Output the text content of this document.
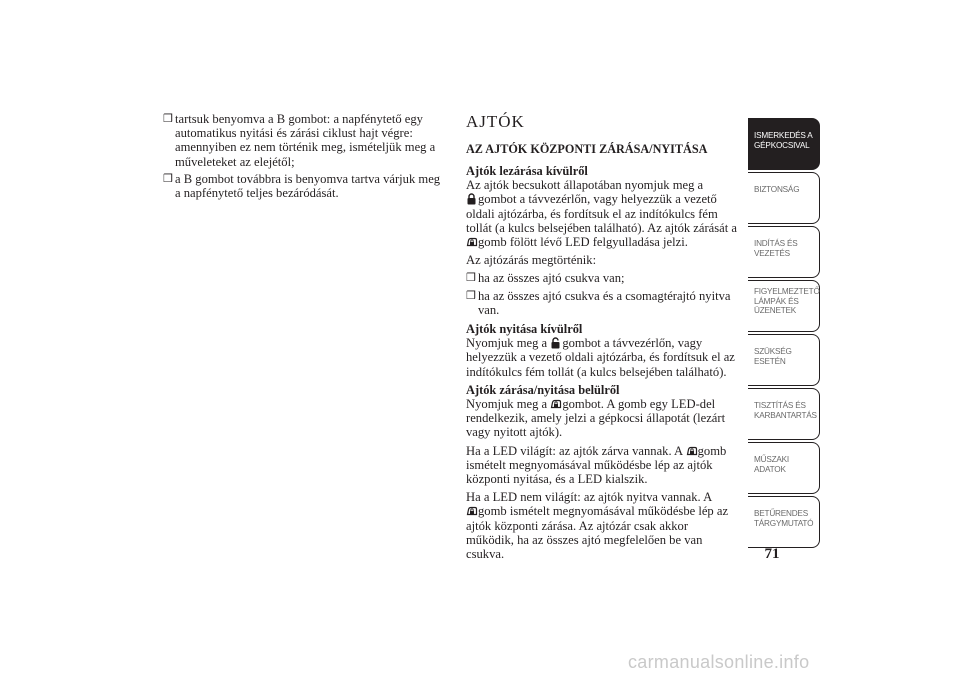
❒ tartsuk benyomva a B gombot: a napfénytető egy automatikus nyitási és zárási ciklust hajt végre: amennyiben ez nem történik meg, ismételjük meg a műveleteket az elejétől;
❒ a B gombot továbbra is benyomva tartva várjuk meg a napfénytető teljes bezáródását.
AJTÓK
AZ AJTÓK KÖZPONTI ZÁRÁSA/NYITÁSA
Ajtók lezárása kívülről

Az ajtók becsukott állapotában nyomjuk meg a

gombot a távvezérlőn, vagy helyezzük a vezető oldali ajtózárba, és fordítsuk el az indítókulcs fém tollát (a kulcs belsejében található). Az ajtók zárását a
gomb fölött lévő LED felgyulladása jelzi.

Az ajtózárás megtörténik:

❒ ha az összes ajtó csukva van;
❒ ha az összes ajtó csukva és a csomagtérajtó nyitva van.
Ajtók nyitása kívülről

Nyomjuk meg a gombot a távvezérlőn, vagy helyezzük a vezető oldali ajtózárba, és fordítsuk el az indítókulcs fém tollát (a kulcs belsejében található).

Ajtók zárása/nyitása belülről

Nyomjuk meg a gombot. A gomb egy LED-del rendelkezik, amely jelzi a gépkocsi állapotát (lezárt vagy nyitott ajtók).

Ha a LED világít: az ajtók zárva vannak. A gomb ismételt megnyomásával működésbe lép az ajtók központi nyitása, és a LED kialszik.

Ha a LED nem világít: az ajtók nyitva vannak. A

gomb ismételt megnyomásával működésbe lép az ajtók központi zárása. Az ajtózár csak akkor működik, ha az összes ajtó megfelelően be van csukva.

ISMERKEDÉS A GÉPKOCSIVAL
BIZTONSÁG
INDÍTÁS ÉS VEZETÉS
FIGYELMEZTETŐ LÁMPÁK ÉS ÜZENETEK
SZÜKSÉG ESETÉN
TISZTÍTÁS ÉS KARBANTARTÁS
MŰSZAKI ADATOK
BETŰRENDES TÁRGYMUTATÓ
71
carmanualsonline.info
